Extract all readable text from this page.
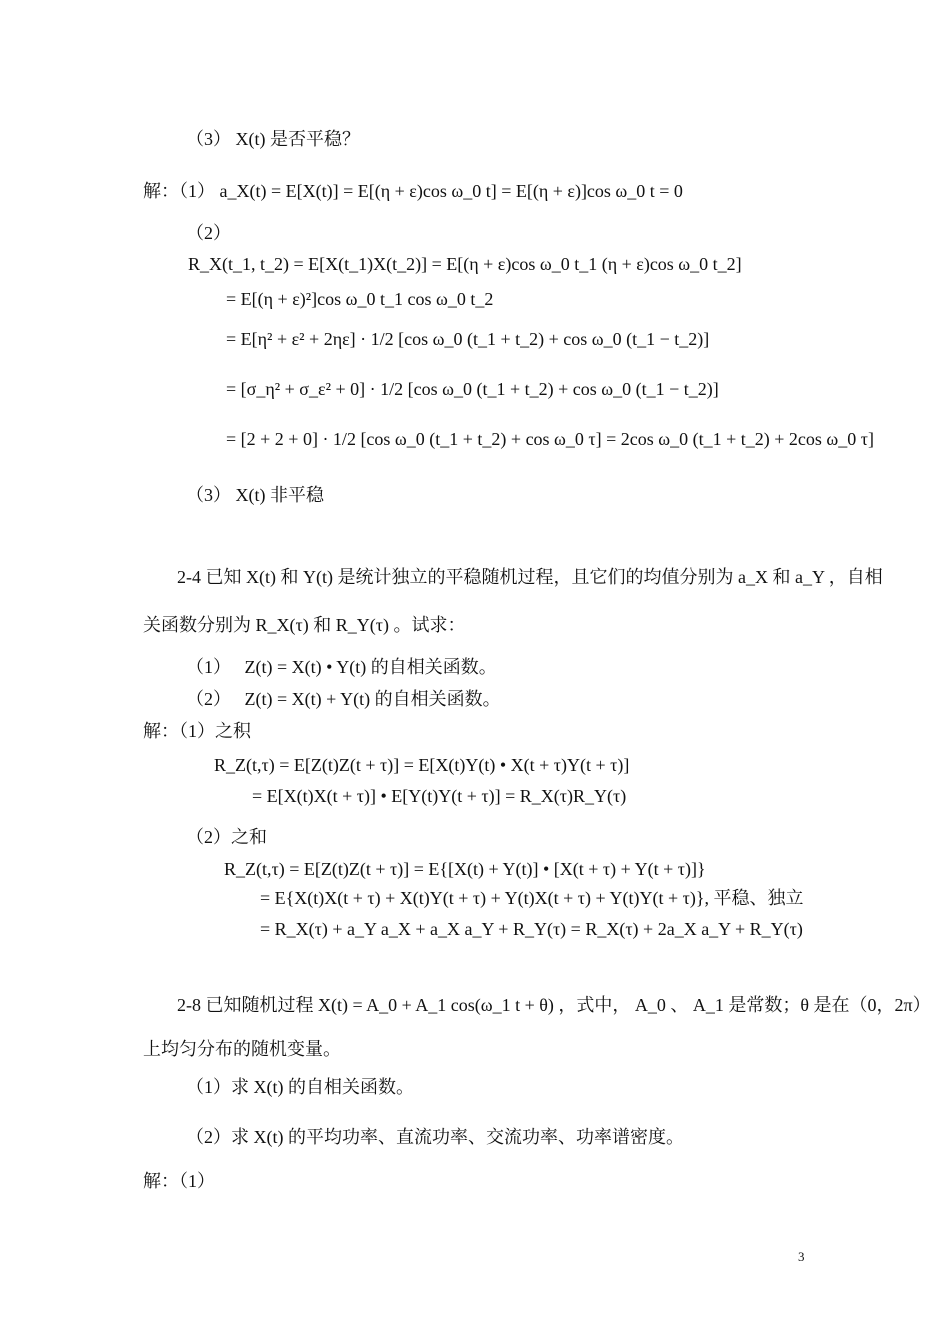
（3） X(t) 是否平稳？
解：（1） a_X(t) = E[X(t)] = E[(η + ε)cos ω_0 t] = E[(η + ε)]cos ω_0 t = 0
（2）
R_X(t_1, t_2) = E[X(t_1)X(t_2)] = E[(η + ε)cos ω_0 t_1 (η + ε)cos ω_0 t_2]
= E[(η + ε)²]cos ω_0 t_1 cos ω_0 t_2
= E[η² + ε² + 2ηε] · 1/2 [cos ω_0 (t_1 + t_2) + cos ω_0 (t_1 − t_2)]
= [σ_η² + σ_ε² + 0] · 1/2 [cos ω_0 (t_1 + t_2) + cos ω_0 (t_1 − t_2)]
= [2 + 2 + 0] · 1/2 [cos ω_0 (t_1 + t_2) + cos ω_0 τ] = 2cos ω_0 (t_1 + t_2) + 2cos ω_0 τ]
（3） X(t) 非平稳
2-4 已知 X(t) 和 Y(t) 是统计独立的平稳随机过程，且它们的均值分别为 a_X 和 a_Y ，自相
关函数分别为 R_X(τ) 和 R_Y(τ) 。试求：
（1）　 Z(t) = X(t) • Y(t) 的自相关函数。
（2）　 Z(t) = X(t) + Y(t) 的自相关函数。
解：（1）之积
R_Z(t,τ) = E[Z(t)Z(t + τ)] = E[X(t)Y(t) • X(t + τ)Y(t + τ)]
= E[X(t)X(t + τ)] • E[Y(t)Y(t + τ)] = R_X(τ)R_Y(τ)
（2）之和
R_Z(t,τ) = E[Z(t)Z(t + τ)] = E{[X(t) + Y(t)] • [X(t + τ) + Y(t + τ)]}
= E{X(t)X(t + τ) + X(t)Y(t + τ) + Y(t)X(t + τ) + Y(t)Y(t + τ)}, 平稳、独立
= R_X(τ) + a_Y a_X + a_X a_Y + R_Y(τ) = R_X(τ) + 2a_X a_Y + R_Y(τ)
2-8 已知随机过程 X(t) = A_0 + A_1 cos(ω_1 t + θ) ，式中， A_0 、 A_1 是常数；θ 是在（0，2π）
上均匀分布的随机变量。
（1）求 X(t) 的自相关函数。
（2）求 X(t) 的平均功率、直流功率、交流功率、功率谱密度。
解：（1）
3
